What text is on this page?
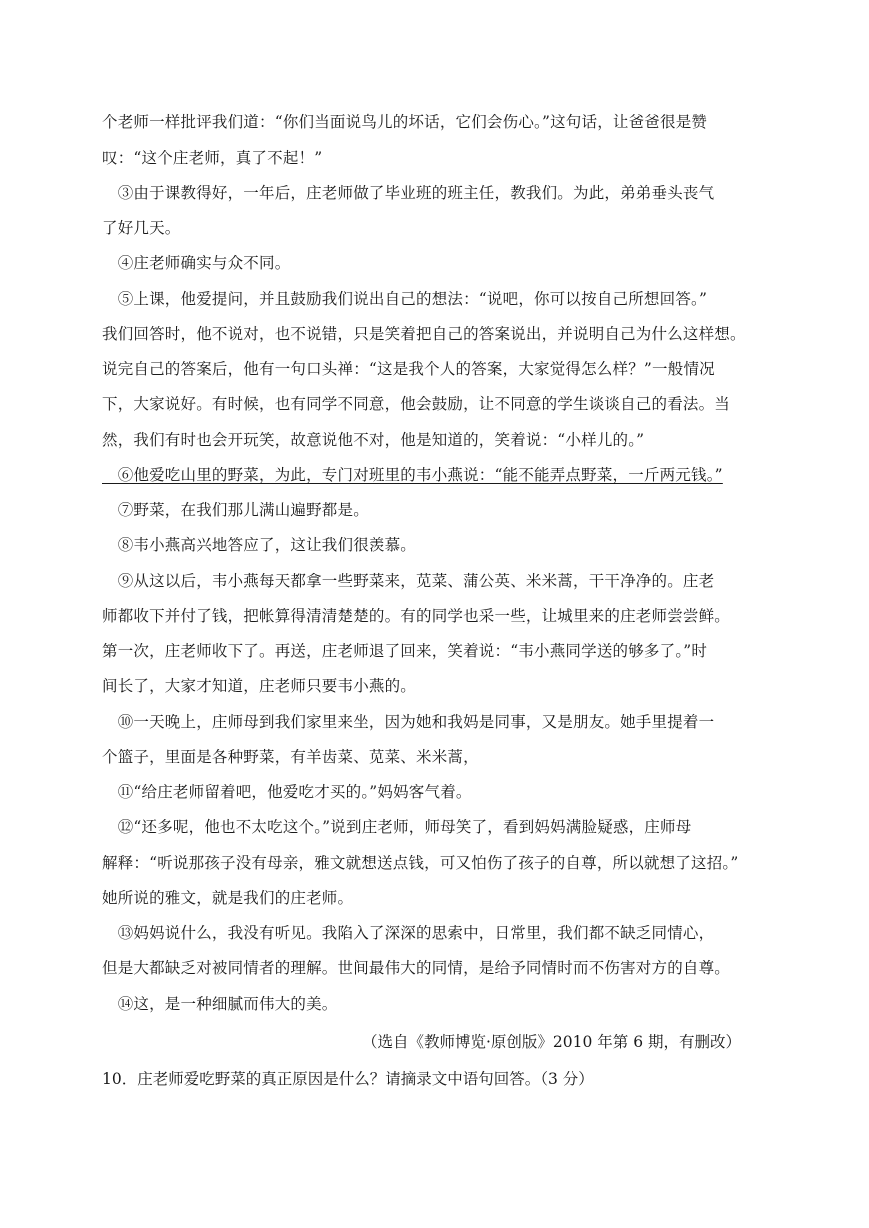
个老师一样批评我们道：“你们当面说鸟儿的坏话，它们会伤心。”这句话，让爸爸很是赞
叹：“这个庄老师，真了不起！”
　③由于课教得好，一年后，庄老师做了毕业班的班主任，教我们。为此，弟弟垂头丧气
了好几天。
　④庄老师确实与众不同。
　⑤上课，他爱提问，并且鼓励我们说出自己的想法：“说吧，你可以按自己所想回答。”
我们回答时，他不说对，也不说错，只是笑着把自己的答案说出，并说明自己为什么这样想。
说完自己的答案后，他有一句口头禅：“这是我个人的答案，大家觉得怎么样？”一般情况
下，大家说好。有时候，也有同学不同意，他会鼓励，让不同意的学生谈谈自己的看法。当
然，我们有时也会开玩笑，故意说他不对，他是知道的，笑着说：“小样儿的。”
　⑥他爱吃山里的野菜，为此，专门对班里的韦小燕说：“能不能弄点野菜，一斤两元钱。”
　⑦野菜，在我们那儿满山遍野都是。
　⑧韦小燕高兴地答应了，这让我们很羡慕。
　⑨从这以后，韦小燕每天都拿一些野菜来，苋菜、蒲公英、米米蒿，干干净净的。庄老
师都收下并付了钱，把帐算得清清楚楚的。有的同学也采一些，让城里来的庄老师尝尝鲜。
第一次，庄老师收下了。再送，庄老师退了回来，笑着说：“韦小燕同学送的够多了。”时
间长了，大家才知道，庄老师只要韦小燕的。
　⑩一天晚上，庄师母到我们家里来坐，因为她和我妈是同事，又是朋友。她手里提着一
个篮子，里面是各种野菜，有羊齿菜、苋菜、米米蒿，
　⑪“给庄老师留着吧，他爱吃才买的。”妈妈客气着。
　⑫“还多呢，他也不太吃这个。”说到庄老师，师母笑了，看到妈妈满脸疑惑，庄师母
解释：“听说那孩子没有母亲，雅文就想送点钱，可又怕伤了孩子的自尊，所以就想了这招。”
她所说的雅文，就是我们的庄老师。
　⑬妈妈说什么，我没有听见。我陷入了深深的思索中，日常里，我们都不缺乏同情心，
但是大都缺乏对被同情者的理解。世间最伟大的同情，是给予同情时而不伤害对方的自尊。
　⑭这，是一种细腻而伟大的美。
（选自《教师博览·原创版》2010 年第 6 期，有删改）
10．庄老师爱吃野菜的真正原因是什么？请摘录文中语句回答。（3 分）
